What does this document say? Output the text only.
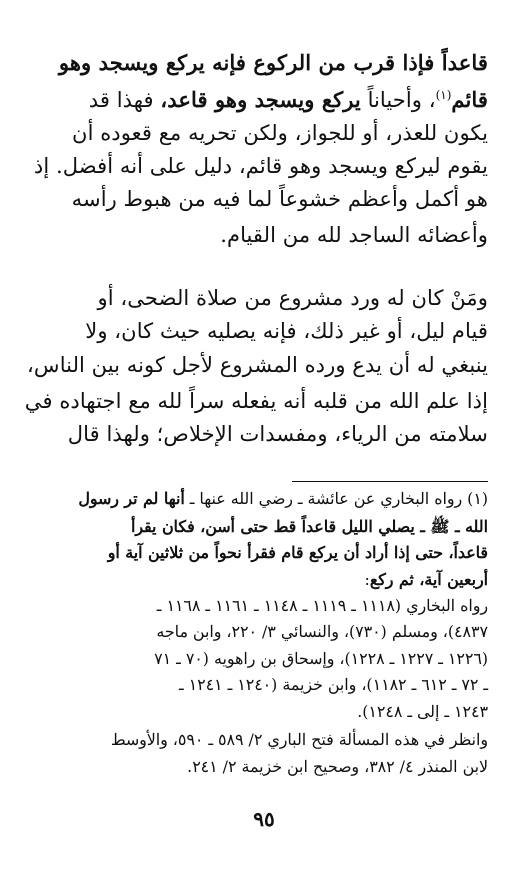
قاعداً فإذا قرب من الركوع فإنه يركع ويسجد وهو
قائم$^{(١)}$، وأحياناً يركع ويسجد وهو قاعد، فهذا قد
يكون للعذر، أو للجواز، ولكن تحريه مع قعوده أن
يقوم ليركع ويسجد وهو قائم، دليل على أنه أفضل. إذ
هو أكمل وأعظم خشوعاً لما فيه من هبوط رأسه
وأعضائه الساجد لله من القيام.
ومَنْ كان له ورد مشروع من صلاة الضحى، أو
قيام ليل، أو غير ذلك، فإنه يصليه حيث كان، ولا
ينبغي له أن يدع ورده المشروع لأجل كونه بين الناس،
إذا علم الله من قلبه أنه يفعله سراً لله مع اجتهاده في
سلامته من الرياء، ومفسدات الإخلاص؛ ولهذا قال
(١) رواه البخاري عن عائشة ـ رضي الله عنها ـ أنها لم تر رسول
الله ـ ﷺ ـ يصلي الليل قاعداً قط حتى أسن، فكان يقرأ
قاعداً، حتى إذا أراد أن يركع قام فقرأ نحواً من ثلاثين آية أو
أربعين آية، ثم ركع:
رواه البخاري (١١١٨ ـ ١١١٩ ـ ١١٤٨ ـ ١١٦١ ـ ١١٦٨ ـ
٤٨٣٧)، ومسلم (٧٣٠)، والنسائي ٣/ ٢٢٠، وابن ماجه
(١٢٢٦ ـ ١٢٢٧ ـ ١٢٢٨)، وإسحاق بن راهويه (٧٠ ـ ٧١
ـ ٧٢ ـ ٦١٢ ـ ١١٨٢)، وابن خزيمة (١٢٤٠ ـ ١٢٤١ ـ
١٢٤٣ ـ إلى ـ ١٢٤٨).
وانظر في هذه المسألة فتح الباري ٢/ ٥٨٩ ـ ٥٩٠، والأوسط
لابن المنذر ٤/ ٣٨٢، وصحيح ابن خزيمة ٢/ ٢٤١.
٩٥
